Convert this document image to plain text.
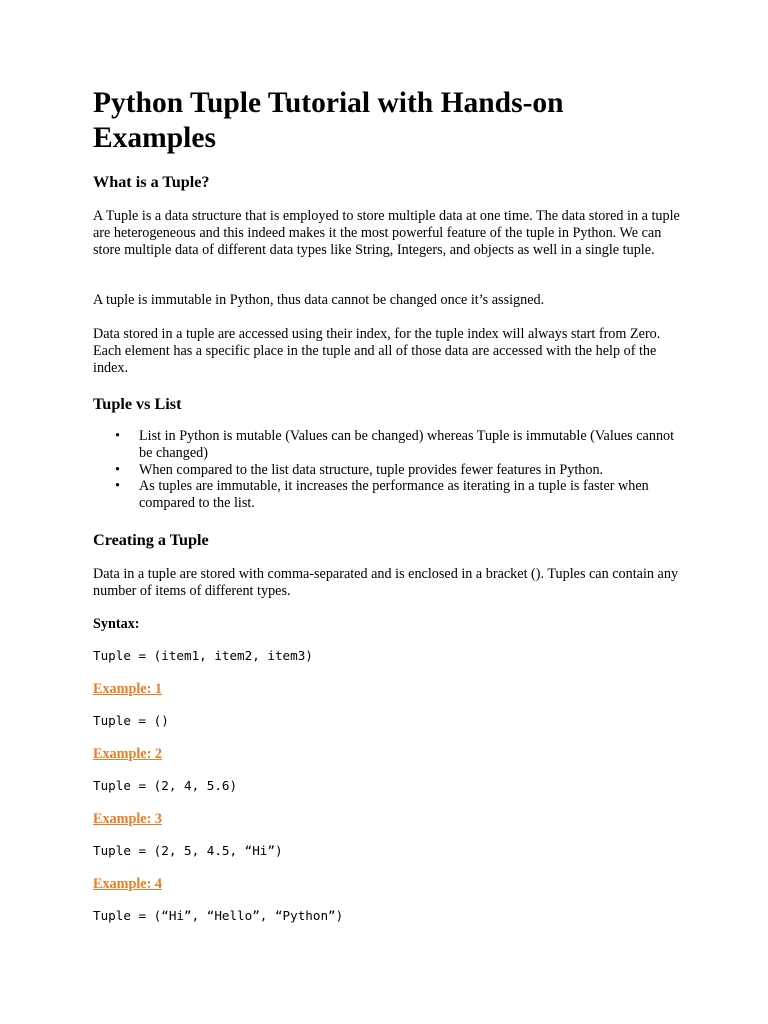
Python Tuple Tutorial with Hands-on Examples
What is a Tuple?
A Tuple is a data structure that is employed to store multiple data at one time. The data stored in a tuple are heterogeneous and this indeed makes it the most powerful feature of the tuple in Python. We can store multiple data of different data types like String, Integers, and objects as well in a single tuple.
A tuple is immutable in Python, thus data cannot be changed once it’s assigned.
Data stored in a tuple are accessed using their index, for the tuple index will always start from Zero. Each element has a specific place in the tuple and all of those data are accessed with the help of the index.
Tuple vs List
• List in Python is mutable (Values can be changed) whereas Tuple is immutable (Values cannot be changed)
• When compared to the list data structure, tuple provides fewer features in Python.
• As tuples are immutable, it increases the performance as iterating in a tuple is faster when compared to the list.
Creating a Tuple
Data in a tuple are stored with comma-separated and is enclosed in a bracket (). Tuples can contain any number of items of different types.
Syntax:
Tuple = (item1, item2, item3)
Example: 1
Tuple = ()
Example: 2
Tuple = (2, 4, 5.6)
Example: 3
Tuple = (2, 5, 4.5, “Hi”)
Example: 4
Tuple = (“Hi”, “Hello”, “Python”)
